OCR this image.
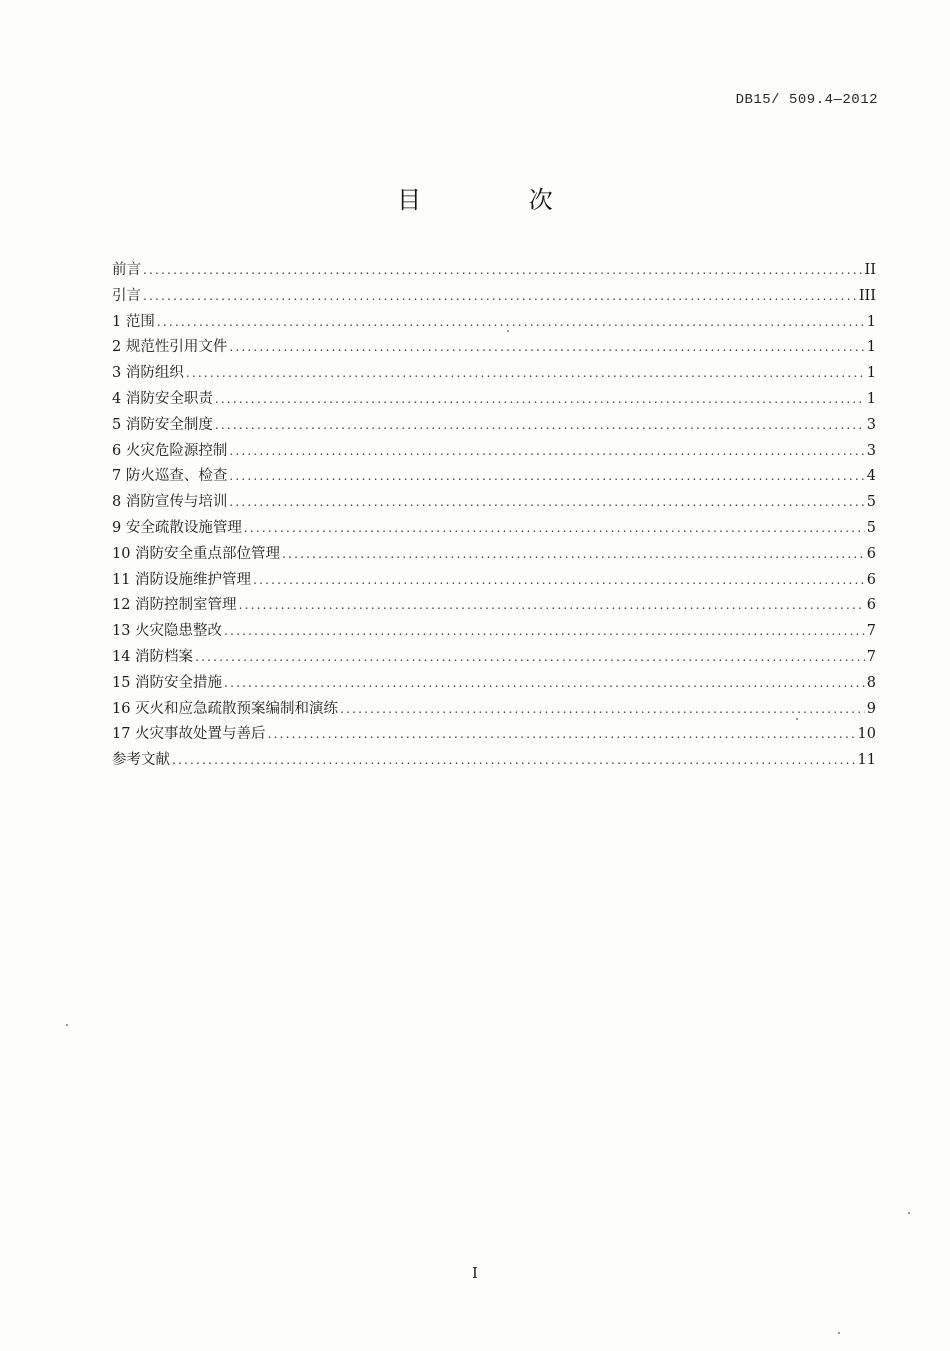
DB15/ 509.4—2012
目 次
前言 .....	II
引言 .....	III
1 范围 .....	1
2 规范性引用文件 .....	1
3 消防组织 .....	1
4 消防安全职责 .....	1
5 消防安全制度 .....	3
6 火灾危险源控制 .....	3
7 防火巡查、检查 .....	4
8 消防宣传与培训 .....	5
9 安全疏散设施管理 .....	5
10 消防安全重点部位管理 .....	6
11 消防设施维护管理 .....	6
12 消防控制室管理 .....	6
13 火灾隐患整改 .....	7
14 消防档案 .....	7
15 消防安全措施 .....	8
16 灭火和应急疏散预案编制和演练 .....	9
17 火灾事故处置与善后 .....	10
参考文献 .....	11
I
